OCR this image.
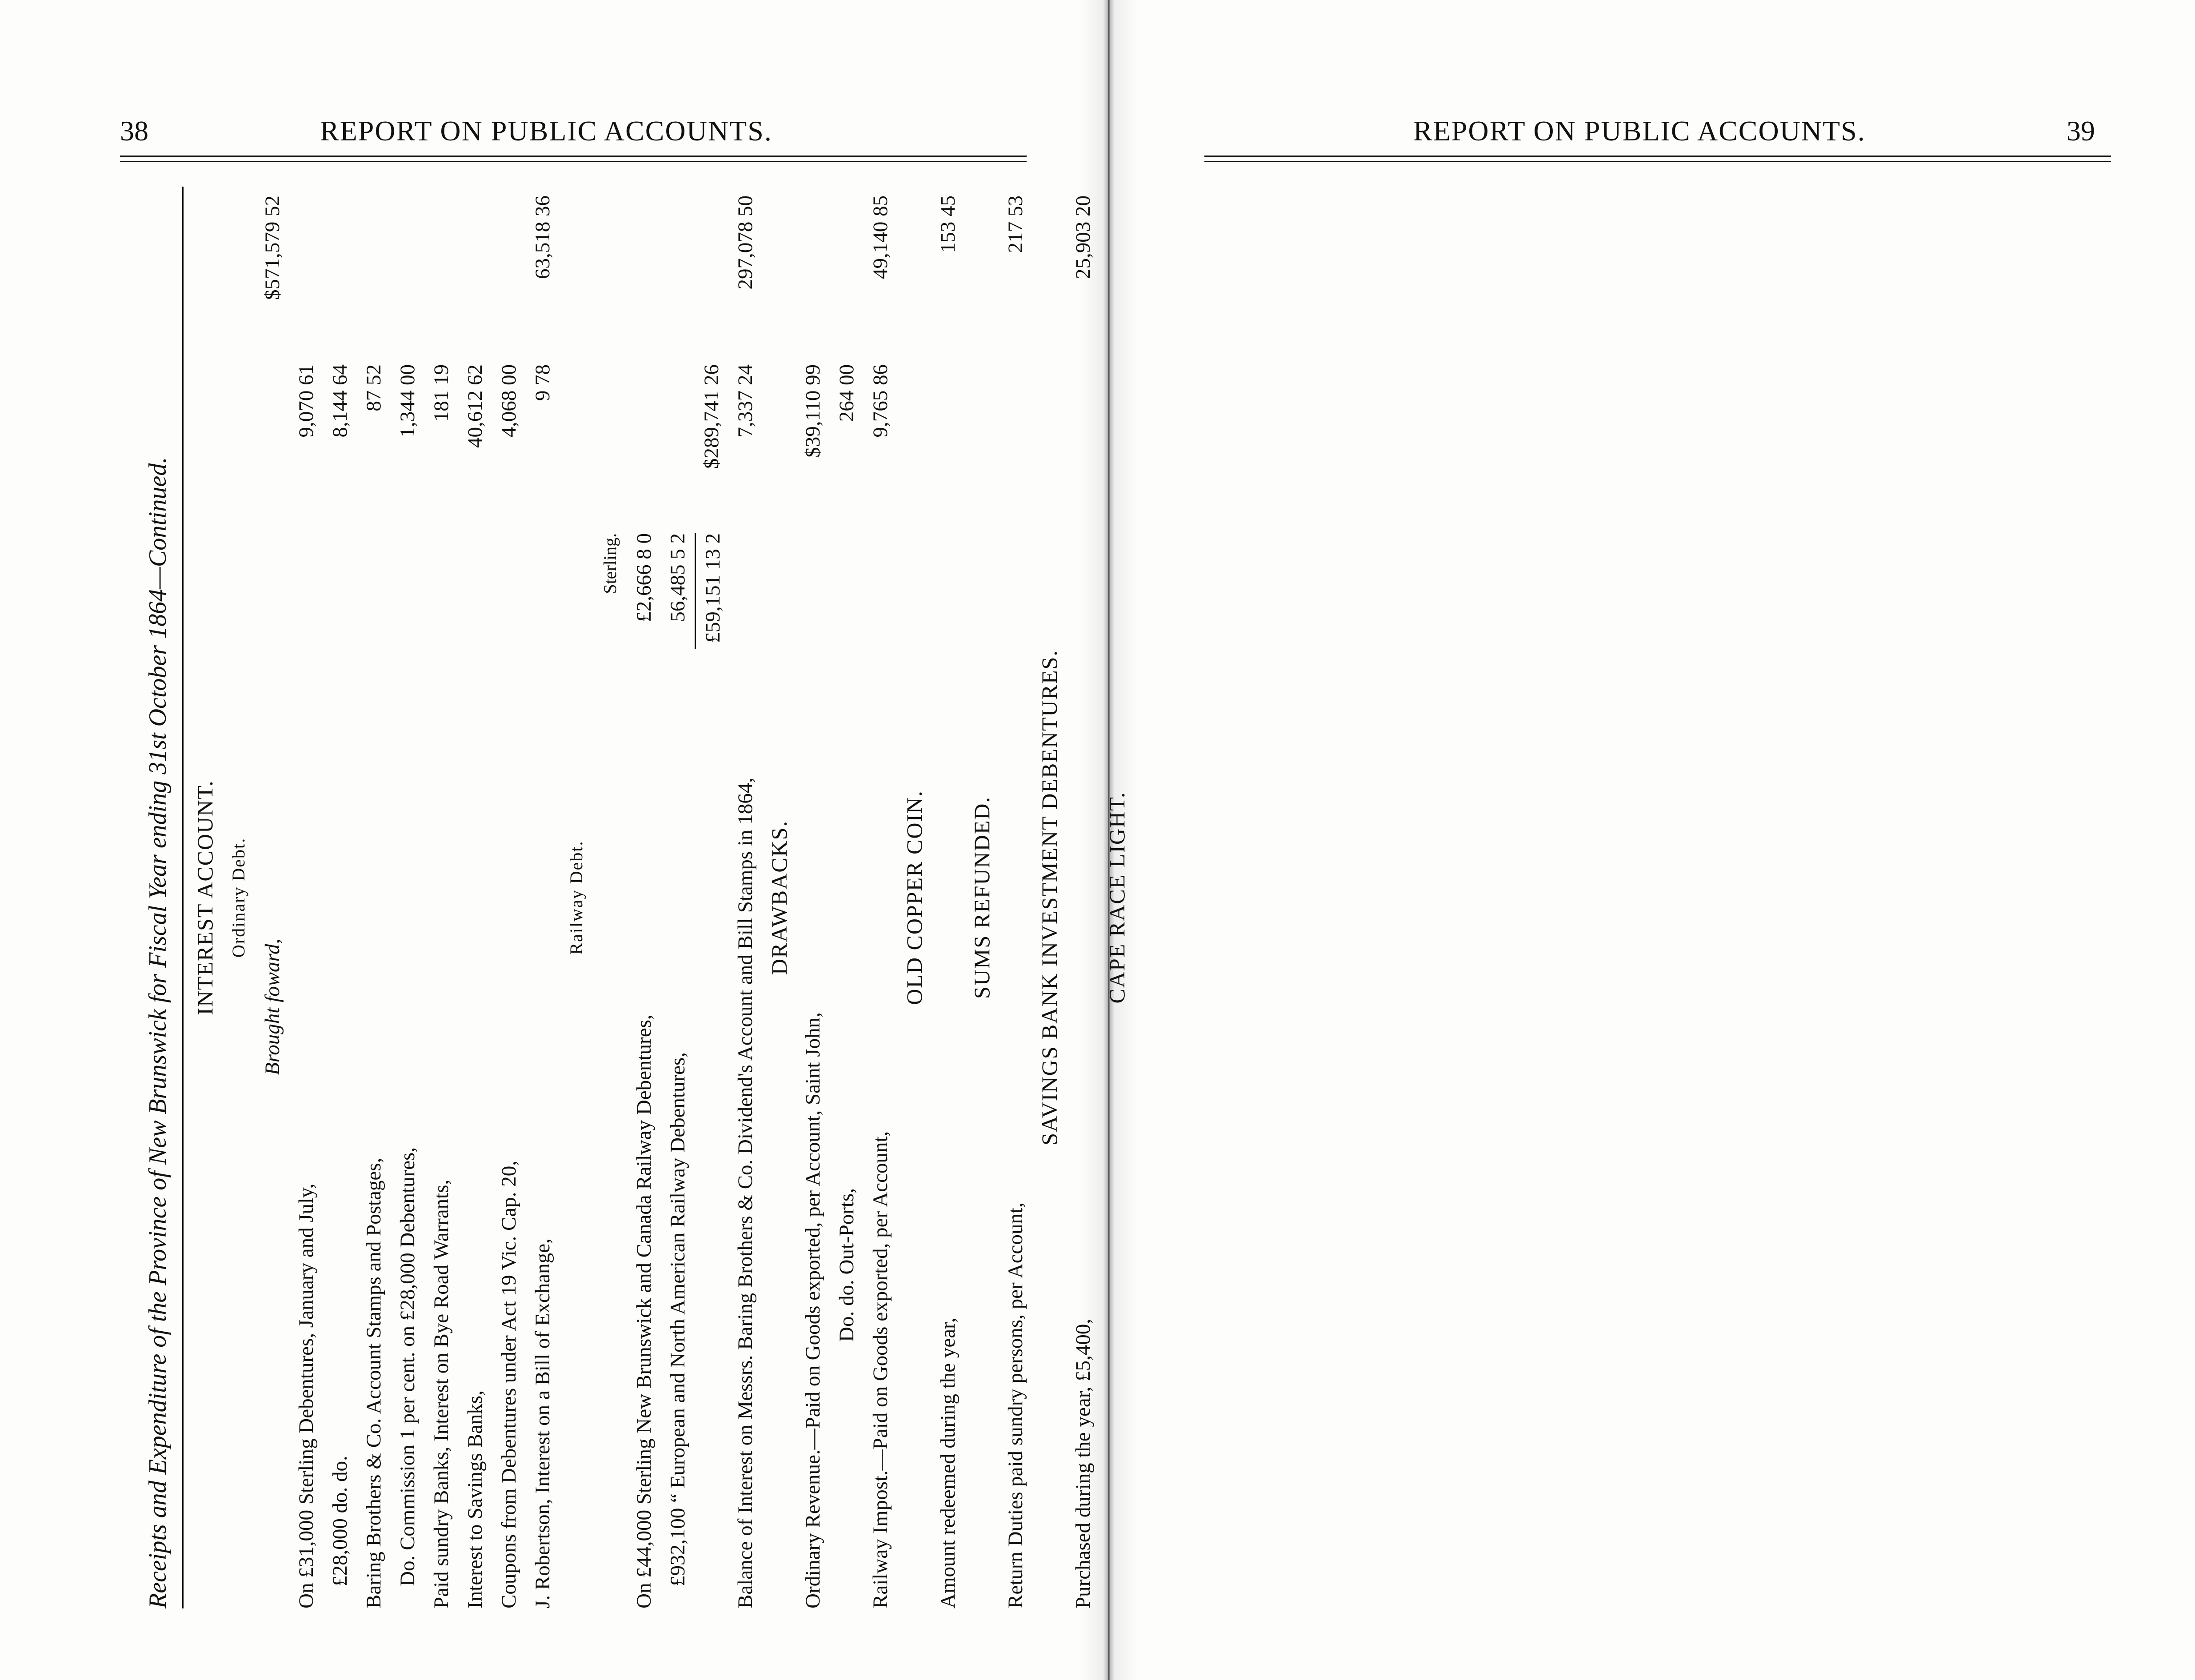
38	REPORT ON PUBLIC ACCOUNTS.
Receipts and Expenditure of the Province of New Brunswick for Fiscal Year ending 31st October 1864—Continued. INTEREST ACCOUNT. Ordinary Debt.
Brought foward,
$571,579 52
On £31,000 Sterling Debentures, January and July,
9,070 61
£28,000 do. do.
8,144 64
Baring Brothers & Co. Account Stamps and Postages,
87 52
Do. Commission 1 per cent. on £28,000 Debentures,
1,344 00
Paid sundry Banks, Interest on Bye Road Warrants,
181 19
Interest to Savings Banks,
40,612 62
Coupons from Debentures under Act 19 Vic. Cap. 20,
4,068 00
J. Robertson, Interest on a Bill of Exchange,
9 78
63,518 36
Railway Debt.
Sterling.
On £44,000 Sterling New Brunswick and Canada Railway Debentures,
£2,666 8 0
£932,100 “ European and North American Railway Debentures,
56,485 5 2 £59,151 13 2
$289,741 26
Balance of Interest on Messrs. Baring Brothers & Co. Dividend's Account and Bill Stamps in 1864,
7,337 24
297,078 50
DRAWBACKS.
Ordinary Revenue.—Paid on Goods exported, per Account, Saint John,
$39,110 99
Do. do. Out-Ports,
264 00
Railway Impost.—Paid on Goods exported, per Account,
9,765 86
49,140 85
OLD COPPER COIN.
Amount redeemed during the year,
153 45
SUMS REFUNDED.
Return Duties paid sundry persons, per Account,
217 53
SAVINGS BANK INVESTMENT DEBENTURES.
Purchased during the year, £5,400,
25,903 20
CAPE RACE LIGHT.
REPORT ON PUBLIC ACCOUNTS.	39
